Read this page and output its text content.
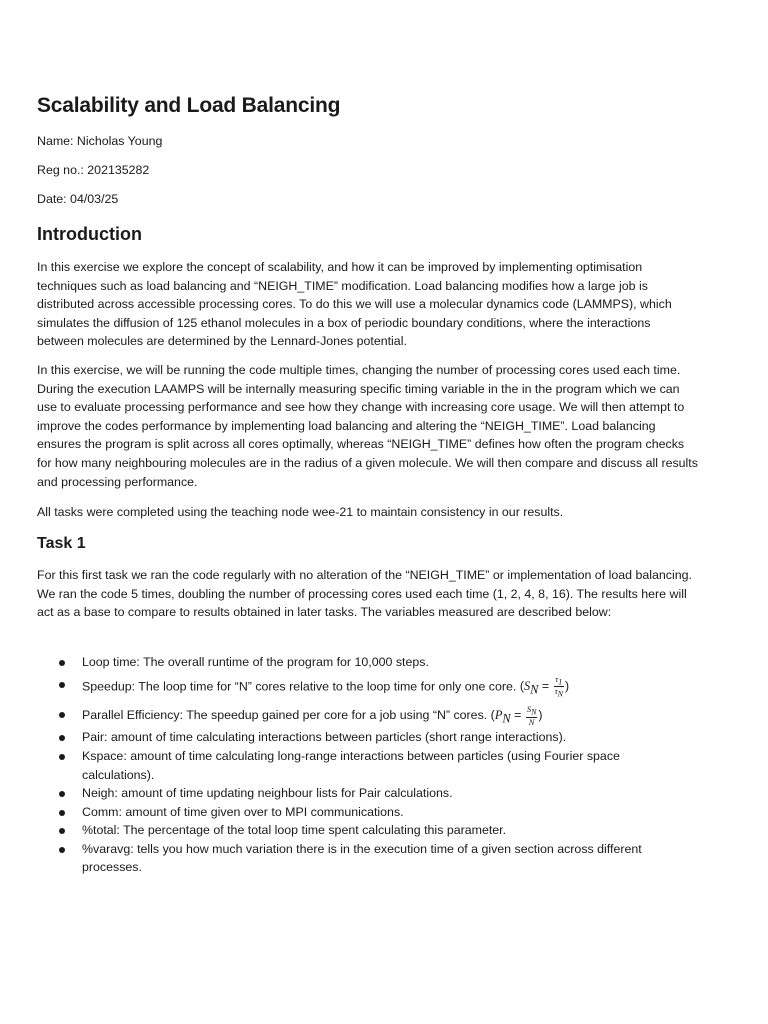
Scalability and Load Balancing
Name: Nicholas Young
Reg no.: 202135282
Date: 04/03/25
Introduction

In this exercise we explore the concept of scalability, and how it can be improved by implementing optimisation techniques such as load balancing and “NEIGH_TIME” modification. Load balancing modifies how a large job is distributed across accessible processing cores. To do this we will use a molecular dynamics code (LAMMPS), which simulates the diffusion of 125 ethanol molecules in a box of periodic boundary conditions, where the interactions between molecules are determined by the Lennard-Jones potential.

In this exercise, we will be running the code multiple times, changing the number of processing cores used each time. During the execution LAAMPS will be internally measuring specific timing variable in the in the program which we can use to evaluate processing performance and see how they change with increasing core usage. We will then attempt to improve the codes performance by implementing load balancing and altering the “NEIGH_TIME”. Load balancing ensures the program is split across all cores optimally, whereas “NEIGH_TIME” defines how often the program checks for how many neighbouring molecules are in the radius of a given molecule. We will then compare and discuss all results and processing performance.

All tasks were completed using the teaching node wee-21 to maintain consistency in our results.

Task 1

For this first task we ran the code regularly with no alteration of the “NEIGH_TIME” or implementation of load balancing. We ran the code 5 times, doubling the number of processing cores used each time (1, 2, 4, 8, 16). The results here will act as a base to compare to results obtained in later tasks. The variables measured are described below:

Loop time: The overall runtime of the program for 10,000 steps.
Speedup: The loop time for “N” cores relative to the loop time for only one core. ($S_N = \frac{\tau_1}{\tau_N}$ )
Parallel Efficiency: The speedup gained per core for a job using “N” cores. ($P_N = \frac{S_N}{N}$ )
Pair: amount of time calculating interactions between particles (short range interactions).
Kspace: amount of time calculating long-range interactions between particles (using Fourier space calculations).
Neigh: amount of time updating neighbour lists for Pair calculations.
Comm: amount of time given over to MPI communications.
%total: The percentage of the total loop time spent calculating this parameter.
%varavg: tells you how much variation there is in the execution time of a given section across different processes.
